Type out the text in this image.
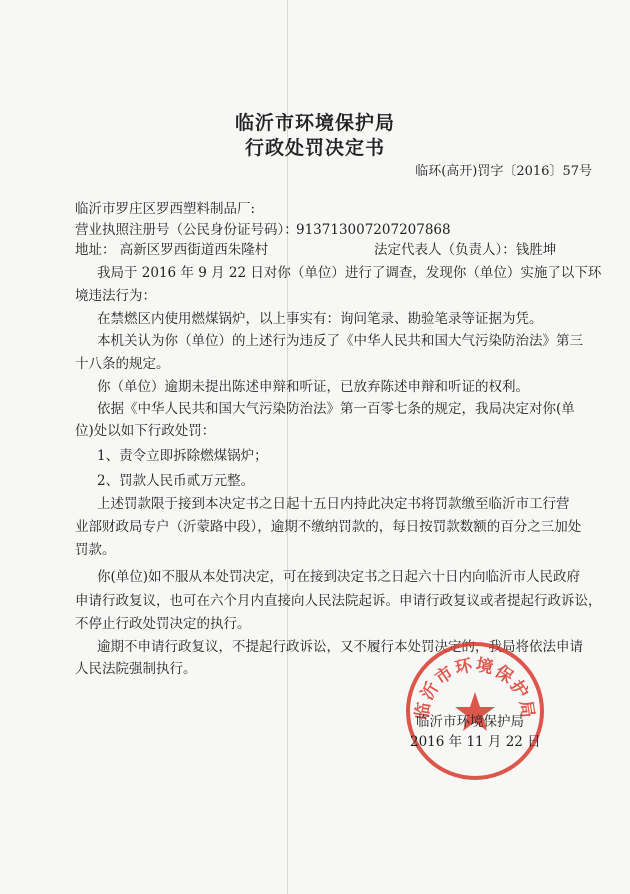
临沂市环境保护局
行政处罚决定书
临环(高开)罚字〔2016〕57号
临沂市罗庄区罗西塑料制品厂:
营业执照注册号（公民身份证号码）：
913713007207207868
地址： 高新区罗西街道西朱隆村	法定代表人（负责人）：钱胜坤
我局于 2016 年 9 月 22 日对你（单位）进行了调查，发现你（单位）实施了以下环
境违法行为：
在禁燃区内使用燃煤锅炉，以上事实有：询问笔录、勘验笔录等证据为凭。
本机关认为你（单位）的上述行为违反了《中华人民共和国大气污染防治法》第三
十八条的规定。
你（单位）逾期未提出陈述申辩和听证，已放弃陈述申辩和听证的权利。
依据《中华人民共和国大气污染防治法》第一百零七条的规定，我局决定对你(单
位)处以如下行政处罚：
1、责令立即拆除燃煤锅炉；
2、罚款人民币贰万元整。
上述罚款限于接到本决定书之日起十五日内持此决定书将罚款缴至临沂市工行营
业部财政局专户（沂蒙路中段），逾期不缴纳罚款的，每日按罚款数额的百分之三加处
罚款。
你(单位)如不服从本处罚决定，可在接到决定书之日起六十日内向临沂市人民政府
申请行政复议，也可在六个月内直接向人民法院起诉。申请行政复议或者提起行政诉讼，
不停止行政处罚决定的执行。
逾期不申请行政复议，不提起行政诉讼，又不履行本处罚决定的，我局将依法申请
人民法院强制执行。
临沂市环境保护局
临沂市环境保护局
2016 年 11 月 22 日
